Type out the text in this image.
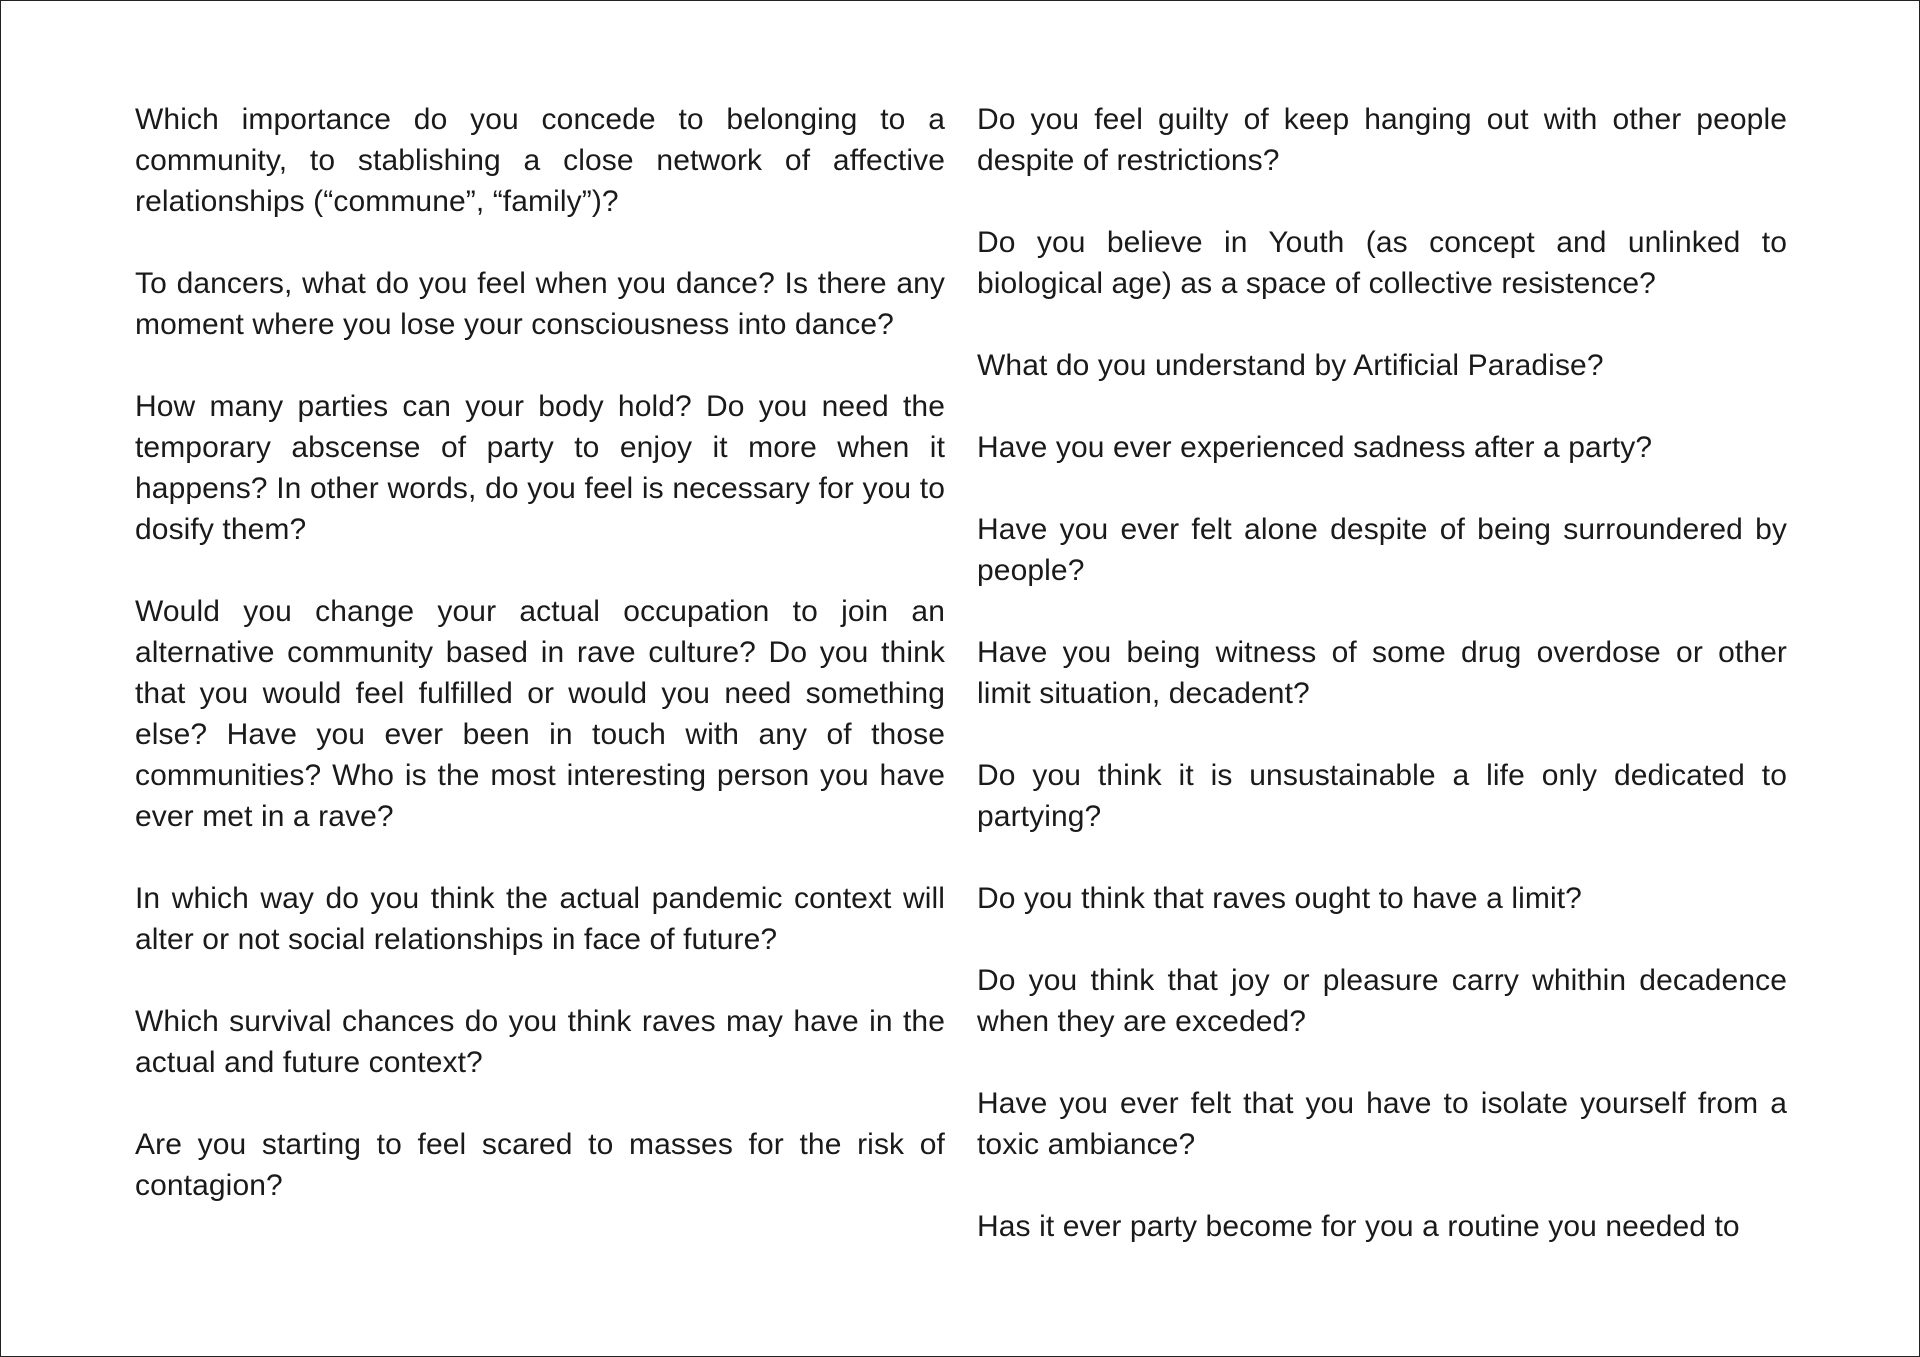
Which importance do you concede to belonging to a community, to stablishing a close network of affective relationships (“commune”, “family”)?

To dancers, what do you feel when you dance? Is there any moment where you lose your consciousness into dance?

How many parties can your body hold? Do you need the temporary abscense of party to enjoy it more when it happens? In other words, do you feel is necessary for you to dosify them?

Would you change your actual occupation to join an alternative community based in rave culture? Do you think that you would feel fulfilled or would you need something else? Have you ever been in touch with any of those communities? Who is the most interesting person you have ever met in a rave?

In which way do you think the actual pandemic context will alter or not social relationships in face of future?

Which survival chances do you think raves may have in the actual and future context?

Are you starting to feel scared to masses for the risk of contagion?

Do you feel guilty of keep hanging out with other people despite of restrictions?

Do you believe in Youth (as concept and unlinked to biological age) as a space of collective resistence?

What do you understand by Artificial Paradise?

Have you ever experienced sadness after a party?

Have you ever felt alone despite of being surroundered by people?

Have you being witness of some drug overdose or other limit situation, decadent?

Do you think it is unsustainable a life only dedicated to partying?

Do you think that raves ought to have a limit?

Do you think that joy or pleasure carry whithin decadence when they are exceded?

Have you ever felt that you have to isolate yourself from a toxic ambiance?

Has it ever party become for you a routine you needed to
